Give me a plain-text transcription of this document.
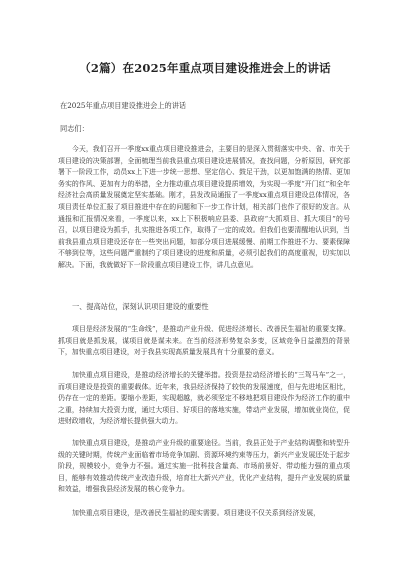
（2篇）在2025年重点项目建设推进会上的讲话
在2025年重点项目建设推进会上的讲话
同志们：
今天，我们召开一季度xx重点项目建设推进会，主要目的是深入贯彻落实中央、省、市关于项目建设的决策部署，全面梳理当前我县重点项目建设进展情况，查找问题，分析原因，研究部署下一阶段工作，动员xx上下进一步统一思想、坚定信心、鼓足干劲，以更加饱满的热情、更加务实的作风、更加有力的举措，全力推动重点项目建设提质增效，为实现一季度“开门红”和全年经济社会高质量发展奠定坚实基础。刚才，县发改局通报了一季度xx重点项目建设总体情况，各项目责任单位汇报了项目推进中存在的问题和下一步工作计划，相关部门也作了很好的发言。从通报和汇报情况来看，一季度以来，xx上下积极响应县委、县政府“大抓项目、抓大项目”的号召，以项目建设为抓手，扎实推进各项工作，取得了一定的成效。但我们也要清醒地认识到，当前我县重点项目建设还存在一些突出问题，如部分项目进展缓慢、前期工作推进不力、要素保障不够到位等，这些问题严重制约了项目建设的进度和质量，必须引起我们的高度重视，切实加以解决。下面，我就做好下一阶段重点项目建设工作，讲几点意见。
一、提高站位，深刻认识项目建设的重要性
项目是经济发展的“生命线”，是推动产业升级、促进经济增长、改善民生福祉的重要支撑。抓项目就是抓发展，谋项目就是谋未来。在当前经济形势复杂多变，区域竞争日益激烈的背景下，加快重点项目建设，对于我县实现高质量发展具有十分重要的意义。
加快重点项目建设，是推动经济增长的关键举措。投资是拉动经济增长的“三驾马车”之一，而项目建设是投资的重要载体。近年来，我县经济保持了较快的发展速度，但与先进地区相比，仍存在一定的差距。要缩小差距，实现超越，就必须坚定不移地把项目建设作为经济工作的重中之重，持续加大投资力度，通过大项目、好项目的落地实施，带动产业发展，增加就业岗位，促进财政增收，为经济增长提供强大动力。
加快重点项目建设，是推动产业升级的重要途径。当前，我县正处于产业结构调整和转型升级的关键时期，传统产业面临着市场竞争加剧、资源环境约束等压力，新兴产业发展还处于起步阶段，规模较小，竞争力不强。通过实施一批科技含量高、市场前景好、带动能力强的重点项目，能够有效推动传统产业改造升级，培育壮大新兴产业，优化产业结构，提升产业发展的质量和效益，增强我县经济发展的核心竞争力。
加快重点项目建设，是改善民生福祉的现实需要。项目建设不仅关系到经济发展，
